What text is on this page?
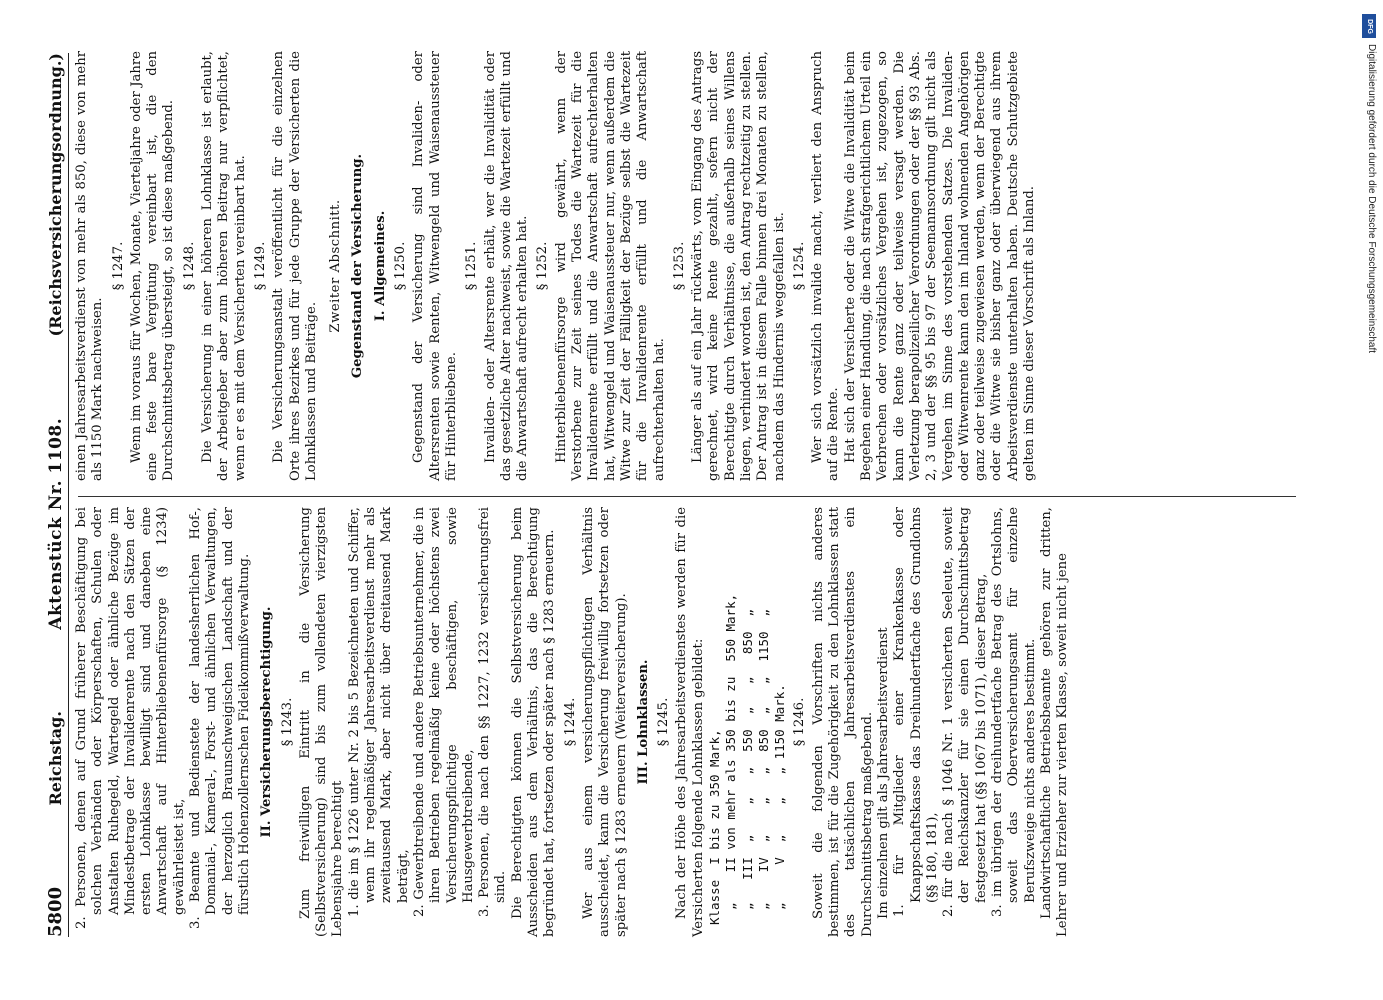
5800
Reichstag.
Aktenstück Nr. 1108.
(Reichsversicherungsordnung.)

2. Personen, denen auf Grund früherer Beschäftigung bei solchen Verbänden oder Körperschaften, Schulen oder Anstalten Ruhegeld, Wartegeld oder ähnliche Bezüge im Mindestbetrage der Invalidenrente nach den Sätzen der ersten Lohnklasse bewilligt sind und daneben eine Anwartschaft auf Hinterbliebenenfürsorge (§ 1234) gewährleistet ist, 3. Beamte und Bedienstete der landesherrlichen Hof-, Domanial-, Kameral-, Forst- und ähnlichen Verwaltungen, der herzoglich Braunschweigischen Landschaft und der fürstlich Hohenzollernschen Fideikommißverwaltung. II. Versicherungsberechtigung. § 1243. Zum freiwilligen Eintritt in die Versicherung (Selbstversicherung) sind bis zum vollendeten vierzigsten Lebensjahre berechtigt 1. die im § 1226 unter Nr. 2 bis 5 Bezeichneten und Schiffer, wenn ihr regelmäßiger Jahresarbeitsverdienst mehr als zweitausend Mark, aber nicht über dreitausend Mark beträgt, 2. Gewerbtreibende und andere Betriebsunternehmer, die in ihren Betrieben regelmäßig keine oder höchstens zwei Versicherungspflichtige beschäftigen, sowie Hausgewerbtreibende, 3. Personen, die nach den §§ 1227, 1232 versicherungsfrei sind. Die Berechtigten können die Selbstversicherung beim Ausscheiden aus dem Verhältnis, das die Berechtigung begründet hat, fortsetzen oder später nach § 1283 erneuern. § 1244. Wer aus einem versicherungspflichtigen Verhältnis ausscheidet, kann die Versicherung freiwillig fortsetzen oder später nach § 1283 erneuern (Weiterversicherung). III. Lohnklassen. § 1245. Nach der Höhe des Jahresarbeitsverdienstes werden für die Versicherten folgende Lohnklassen gebildet: Klasse  I bis zu 350 Mark, „    II von mehr als 350 bis zu  550 Mark, „   III  „    „   „  550  „   „   850  „ „    IV  „    „   „  850  „   „  1150  „ „     V  „    „   „ 1150 Mark. § 1246. Soweit die folgenden Vorschriften nichts anderes bestimmen, ist für die Zugehörigkeit zu den Lohnklassen statt des tatsächlichen Jahresarbeitsverdienstes ein Durchschnittsbetrag maßgebend. Im einzelnen gilt als Jahresarbeitsverdienst 1. für Mitglieder einer Krankenkasse oder Knappschaftskasse das Dreihundertfache des Grundlohns (§§ 180, 181), 2. für die nach § 1046 Nr. 1 versicherten Seeleute, soweit der Reichskanzler für sie einen Durchschnittsbetrag festgesetzt hat (§§ 1067 bis 1071), dieser Betrag, 3. im übrigen der dreihundertfache Betrag des Ortslohns, soweit das Oberversicherungsamt für einzelne Berufszweige nichts anderes bestimmt. Landwirtschaftliche Betriebsbeamte gehören zur dritten, Lehrer und Erzieher zur vierten Klasse, soweit nicht jene

einen Jahresarbeitsverdienst von mehr als 850, diese von mehr als 1150 Mark nachweisen.

§ 1247. Wenn im voraus für Wochen, Monate, Vierteljahre oder Jahre eine feste bare Vergütung vereinbart ist, die den Durchschnittsbetrag übersteigt, so ist diese maßgebend. § 1248. Die Versicherung in einer höheren Lohnklasse ist erlaubt, der Arbeitgeber aber zum höheren Beitrag nur verpflichtet, wenn er es mit dem Versicherten vereinbart hat. § 1249. Die Versicherungsanstalt veröffentlicht für die einzelnen Orte ihres Bezirkes und für jede Gruppe der Versicherten die Lohnklassen und Beiträge.

Zweiter Abschnitt. Gegenstand der Versicherung. I. Allgemeines. § 1250. Gegenstand der Versicherung sind Invaliden- oder Altersrenten sowie Renten, Witwengeld und Waisenaussteuer für Hinterbliebene.

§ 1251. Invaliden- oder Altersrente erhält, wer die Invalidität oder das gesetzliche Alter nachweist, sowie die Wartezeit erfüllt und die Anwartschaft aufrecht erhalten hat. § 1252. Hinterbliebenenfürsorge wird gewährt, wenn der Verstorbene zur Zeit seines Todes die Wartezeit für die Invalidenrente erfüllt und die Anwartschaft aufrechterhalten hat, Witwengeld und Waisenaussteuer nur, wenn außerdem die Witwe zur Zeit der Fälligkeit der Bezüge selbst die Wartezeit für die Invalidenrente erfüllt und die Anwartschaft aufrechterhalten hat.

§ 1253. Länger als auf ein Jahr rückwärts, vom Eingang des Antrags gerechnet, wird keine Rente gezahlt, sofern nicht der Berechtigte durch Verhältnisse, die außerhalb seines Willens liegen, verhindert worden ist, den Antrag rechtzeitig zu stellen. Der Antrag ist in diesem Falle binnen drei Monaten zu stellen, nachdem das Hindernis weggefallen ist. § 1254. Wer sich vorsätzlich invalide macht, verliert den Anspruch auf die Rente. Hat sich der Versicherte oder die Witwe die Invalidität beim Begehen einer Handlung, die nach strafgerichtlichem Urteil ein Verbrechen oder vorsätzliches Vergehen ist, zugezogen, so kann die Rente ganz oder teilweise versagt werden. Die Verletzung berapolizeilicher Verordnungen oder der §§ 93 Abs. 2, 3 und der §§ 95 bis 97 der Seemannsordnung gilt nicht als Vergehen im Sinne des vorstehenden Satzes. Die Invaliden- oder Witwenrente kann den im Inland wohnenden Angehörigen ganz oder teilweise zugewiesen werden, wenn der Berechtigte oder die Witwe sie bisher ganz oder überwiegend aus ihrem Arbeitsverdienste unterhalten haben. Deutsche Schutzgebiete gelten im Sinne dieser Vorschrift als Inland.

DFG
Digitalisierung gefördert durch die Deutsche Forschungsgemeinschaft
